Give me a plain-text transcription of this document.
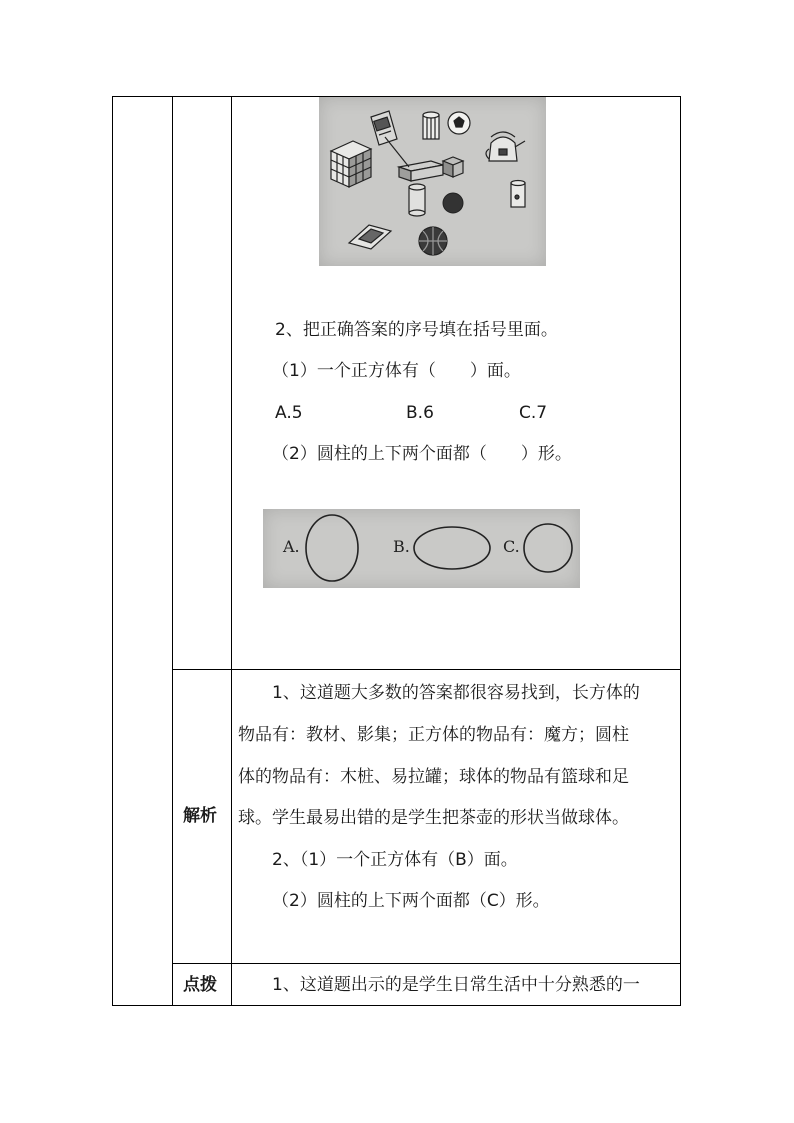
2、把正确答案的序号填在括号里面。
（1）一个正方体有（　　）面。
A.5	B.6	C.7
（2）圆柱的上下两个面都（　　）形。
A.	B.	C.
解析
1、这道题大多数的答案都很容易找到，长方体的
物品有：教材、影集；正方体的物品有：魔方；圆柱
体的物品有：木桩、易拉罐；球体的物品有篮球和足
球。学生最易出错的是学生把茶壶的形状当做球体。
2、（1）一个正方体有（B）面。
（2）圆柱的上下两个面都（C）形。
点拨	1、这道题出示的是学生日常生活中十分熟悉的一
